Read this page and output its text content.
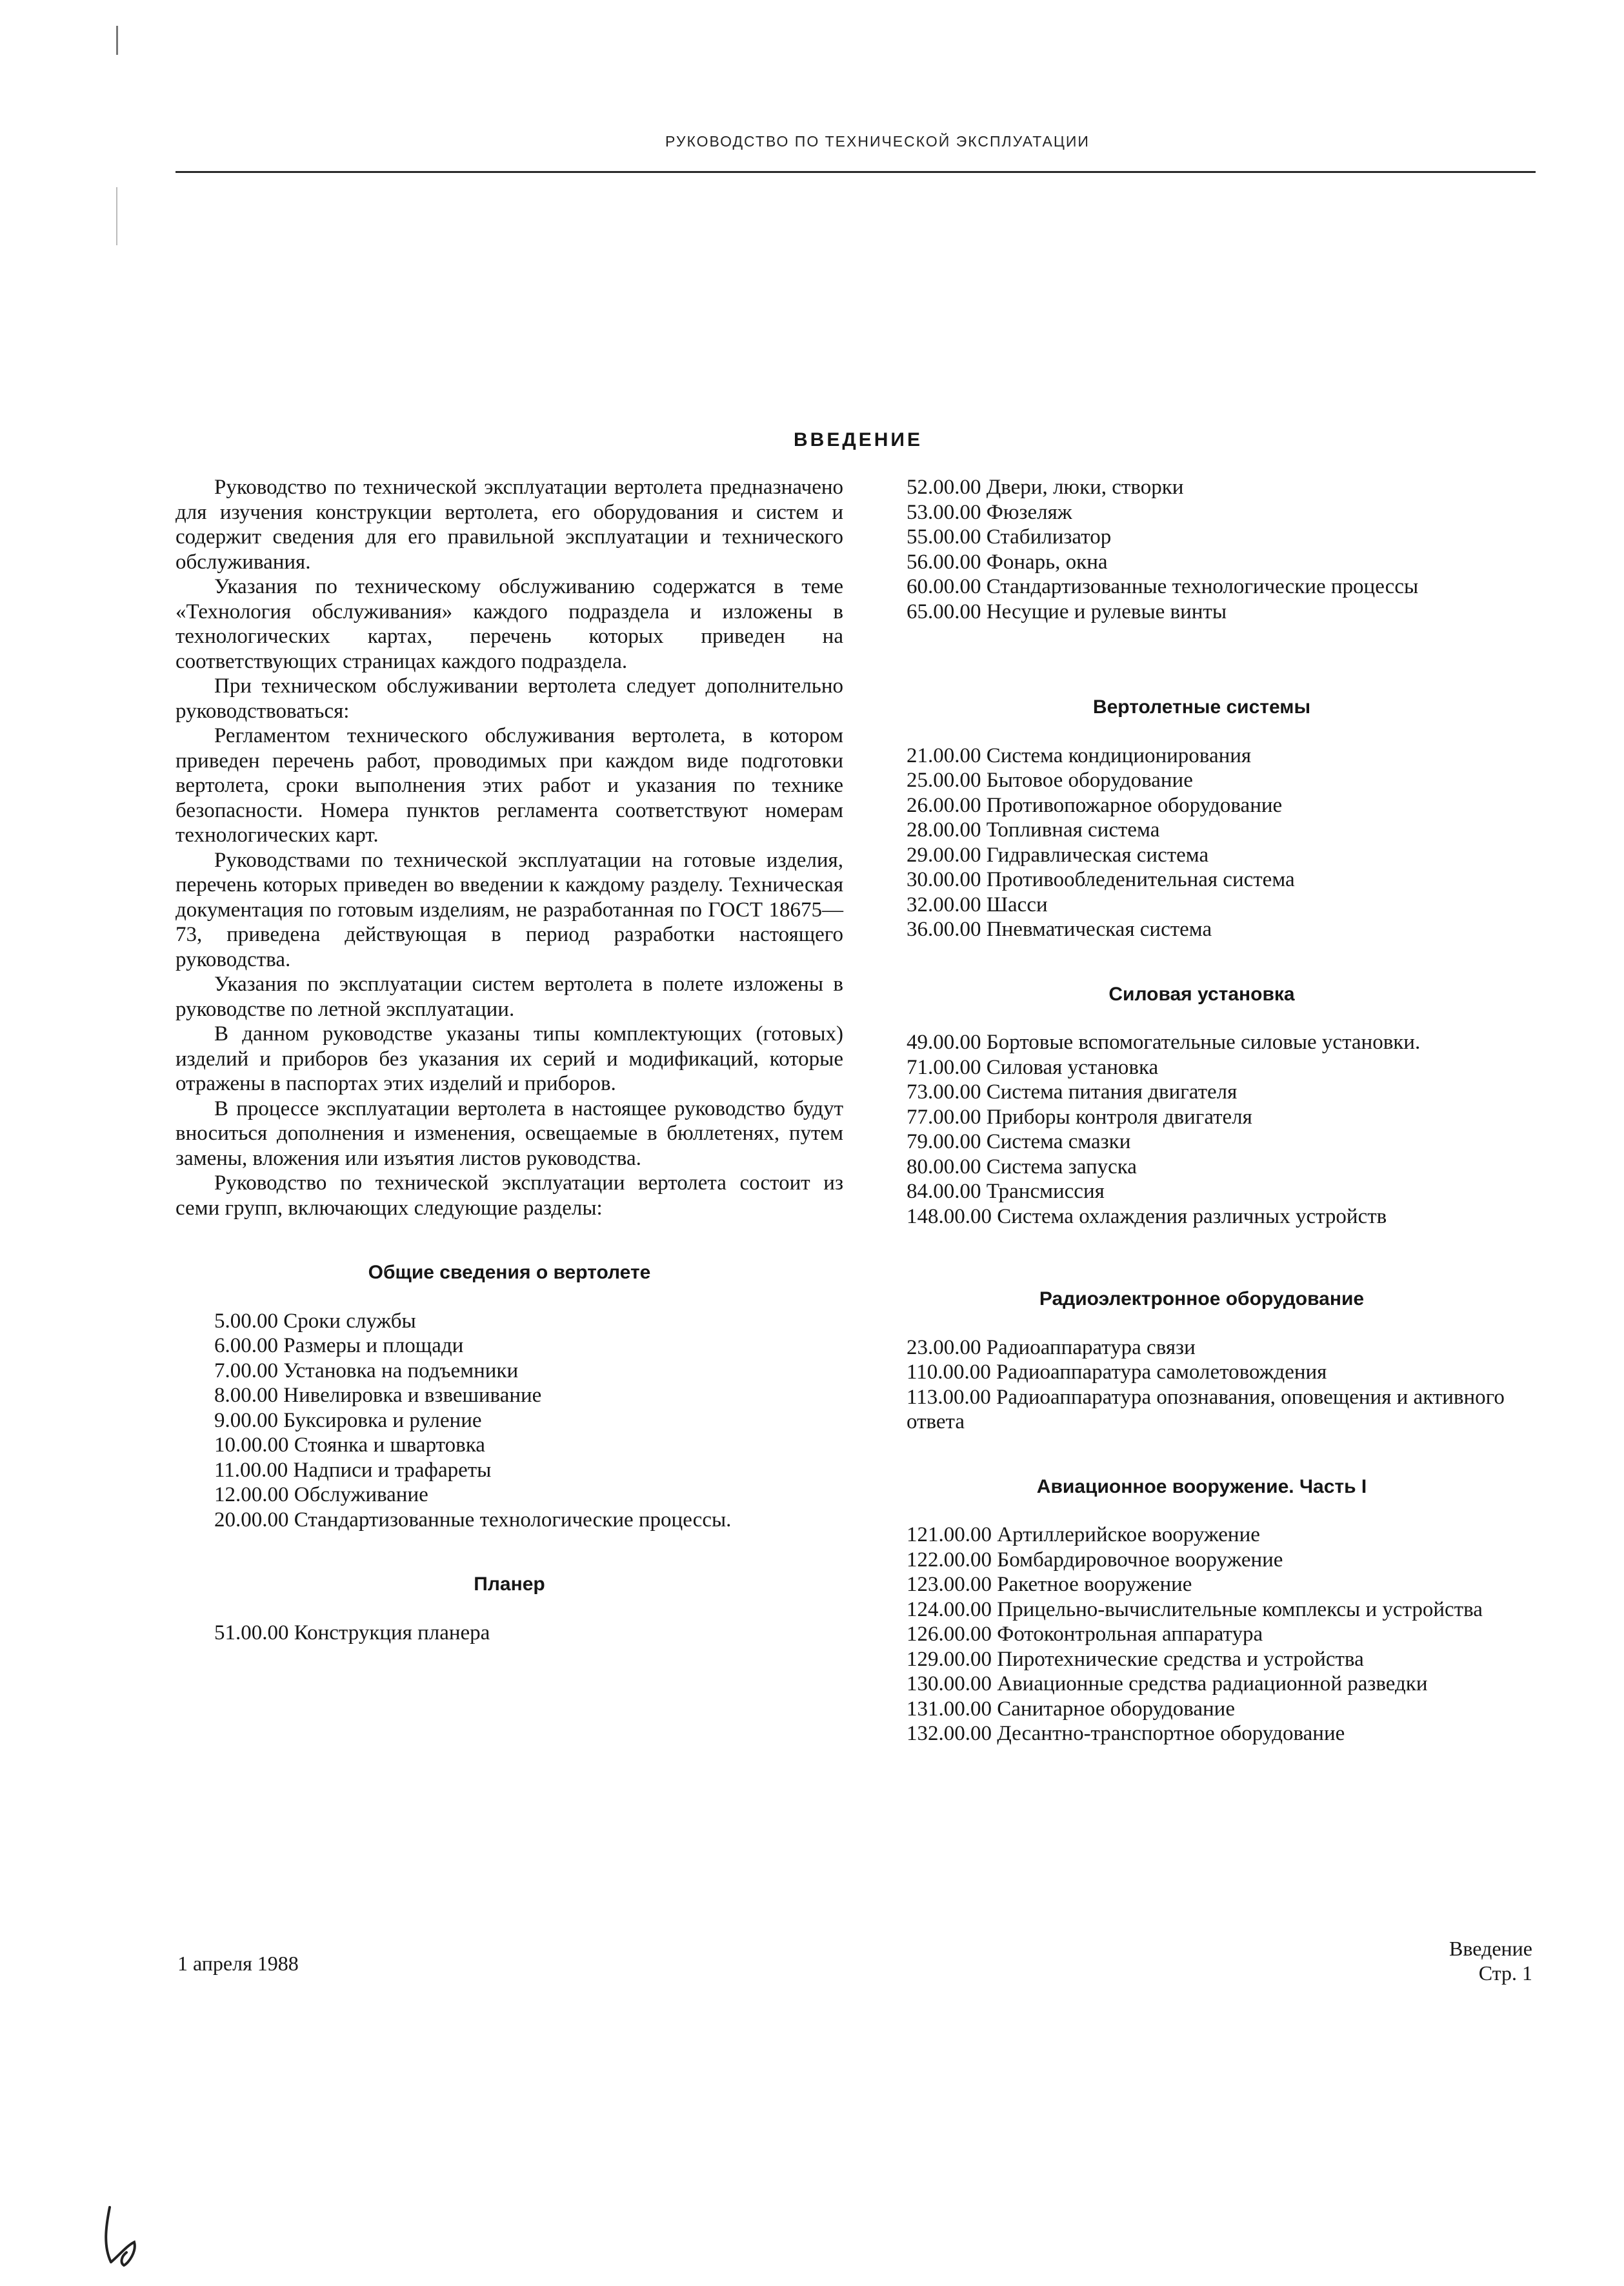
РУКОВОДСТВО ПО ТЕХНИЧЕСКОЙ ЭКСПЛУАТАЦИИ
ВВЕДЕНИЕ

Руководство по технической эксплуатации вертолета предназначено для изучения конструкции вертолета, его оборудования и систем и содержит сведения для его правильной эксплуатации и технического обслуживания.

Указания по техническому обслуживанию содержатся в теме «Технология обслуживания» каждого подраздела и изложены в технологических картах, перечень которых приведен на соответствующих страницах каждого подраздела.

При техническом обслуживании вертолета следует дополнительно руководствоваться:

Регламентом технического обслуживания вертолета, в котором приведен перечень работ, проводимых при каждом виде подготовки вертолета, сроки выполнения этих работ и указания по технике безопасности. Номера пунктов регламента соответствуют номерам технологических карт.

Руководствами по технической эксплуатации на готовые изделия, перечень которых приведен во введении к каждому разделу. Техническая документация по готовым изделиям, не разработанная по ГОСТ 18675—73, приведена действующая в период разработки настоящего руководства.

Указания по эксплуатации систем вертолета в полете изложены в руководстве по летной эксплуатации.

В данном руководстве указаны типы комплектующих (готовых) изделий и приборов без указания их серий и модификаций, которые отражены в паспортах этих изделий и приборов.

В процессе эксплуатации вертолета в настоящее руководство будут вноситься дополнения и изменения, освещаемые в бюллетенях, путем замены, вложения или изъятия листов руководства.

Руководство по технической эксплуатации вертолета состоит из семи групп, включающих следующие разделы:

Общие сведения о вертолете

5.00.00 Сроки службы

6.00.00 Размеры и площади

7.00.00 Установка на подъемники

8.00.00 Нивелировка и взвешивание

9.00.00 Буксировка и руление

10.00.00 Стоянка и швартовка

11.00.00 Надписи и трафареты

12.00.00 Обслуживание

20.00.00 Стандартизованные технологические процессы.

Планер

51.00.00 Конструкция планера

52.00.00 Двери, люки, створки

53.00.00 Фюзеляж

55.00.00 Стабилизатор

56.00.00 Фонарь, окна

60.00.00 Стандартизованные технологические процессы

65.00.00 Несущие и рулевые винты

Вертолетные системы

21.00.00 Система кондиционирования

25.00.00 Бытовое оборудование

26.00.00 Противопожарное оборудование

28.00.00 Топливная система

29.00.00 Гидравлическая система

30.00.00 Противообледенительная система

32.00.00 Шасси

36.00.00 Пневматическая система

Силовая установка

49.00.00 Бортовые вспомогательные силовые установки.

71.00.00 Силовая установка

73.00.00 Система питания двигателя

77.00.00 Приборы контроля двигателя

79.00.00 Система смазки

80.00.00 Система запуска

84.00.00 Трансмиссия

148.00.00 Система охлаждения различных устройств

Радиоэлектронное оборудование

23.00.00 Радиоаппаратура связи

110.00.00 Радиоаппаратура самолетовождения

113.00.00 Радиоаппаратура опознавания, оповещения и активного ответа

Авиационное вооружение. Часть I

121.00.00 Артиллерийское вооружение

122.00.00 Бомбардировочное вооружение

123.00.00 Ракетное вооружение

124.00.00 Прицельно-вычислительные комплексы и устройства

126.00.00 Фотоконтрольная аппаратура

129.00.00 Пиротехнические средства и устройства

130.00.00 Авиационные средства радиационной разведки

131.00.00 Санитарное оборудование

132.00.00 Десантно-транспортное оборудование

1 апреля 1988
Введение
Стр. 1
